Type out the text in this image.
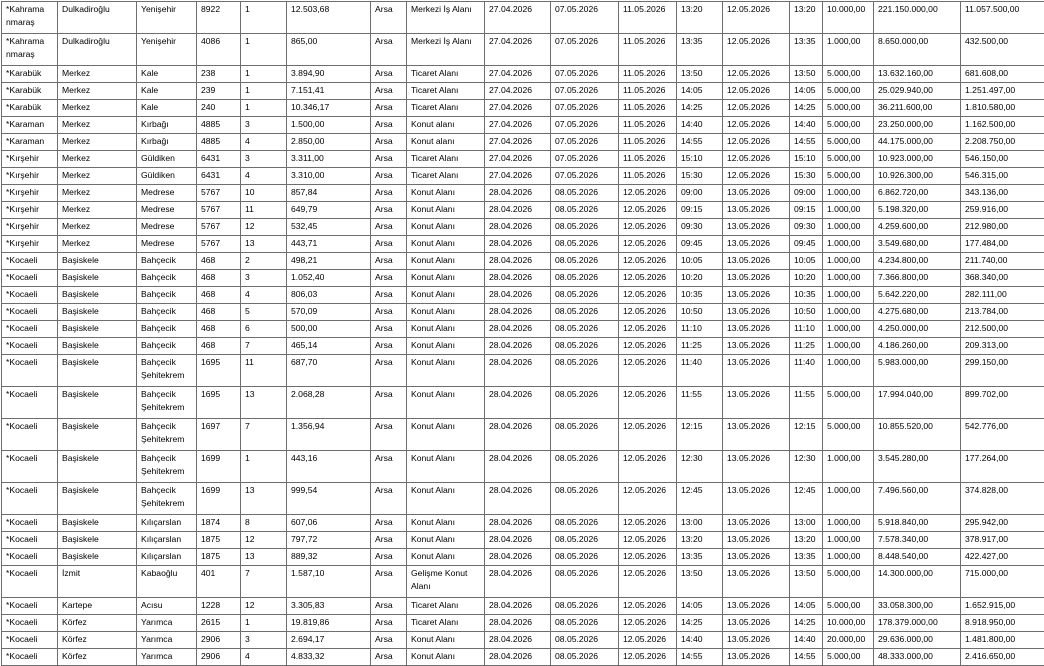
*Kahrama nmaraş	Dulkadiroğlu	Yenişehir	8922	1	12.503,68	Arsa	Merkezi İş Alanı	27.04.2026	07.05.2026	11.05.2026	13:20	12.05.2026	13:20	10.000,00	221.150.000,00	11.057.500,00
*Kahrama nmaraş	Dulkadiroğlu	Yenişehir	4086	1	865,00	Arsa	Merkezi İş Alanı	27.04.2026	07.05.2026	11.05.2026	13:35	12.05.2026	13:35	1.000,00	8.650.000,00	432.500,00
*Karabük	Merkez	Kale	238	1	3.894,90	Arsa	Ticaret Alanı	27.04.2026	07.05.2026	11.05.2026	13:50	12.05.2026	13:50	5.000,00	13.632.160,00	681.608,00
*Karabük	Merkez	Kale	239	1	7.151,41	Arsa	Ticaret Alanı	27.04.2026	07.05.2026	11.05.2026	14:05	12.05.2026	14:05	5.000,00	25.029.940,00	1.251.497,00
*Karabük	Merkez	Kale	240	1	10.346,17	Arsa	Ticaret Alanı	27.04.2026	07.05.2026	11.05.2026	14:25	12.05.2026	14:25	5.000,00	36.211.600,00	1.810.580,00
*Karaman	Merkez	Kırbağı	4885	3	1.500,00	Arsa	Konut alanı	27.04.2026	07.05.2026	11.05.2026	14:40	12.05.2026	14:40	5.000,00	23.250.000,00	1.162.500,00
*Karaman	Merkez	Kırbağı	4885	4	2.850,00	Arsa	Konut alanı	27.04.2026	07.05.2026	11.05.2026	14:55	12.05.2026	14:55	5.000,00	44.175.000,00	2.208.750,00
*Kırşehir	Merkez	Güldiken	6431	3	3.311,00	Arsa	Ticaret Alanı	27.04.2026	07.05.2026	11.05.2026	15:10	12.05.2026	15:10	5.000,00	10.923.000,00	546.150,00
*Kırşehir	Merkez	Güldiken	6431	4	3.310,00	Arsa	Ticaret Alanı	27.04.2026	07.05.2026	11.05.2026	15:30	12.05.2026	15:30	5.000,00	10.926.300,00	546.315,00
*Kırşehir	Merkez	Medrese	5767	10	857,84	Arsa	Konut Alanı	28.04.2026	08.05.2026	12.05.2026	09:00	13.05.2026	09:00	1.000,00	6.862.720,00	343.136,00
*Kırşehir	Merkez	Medrese	5767	11	649,79	Arsa	Konut Alanı	28.04.2026	08.05.2026	12.05.2026	09:15	13.05.2026	09:15	1.000,00	5.198.320,00	259.916,00
*Kırşehir	Merkez	Medrese	5767	12	532,45	Arsa	Konut Alanı	28.04.2026	08.05.2026	12.05.2026	09:30	13.05.2026	09:30	1.000,00	4.259.600,00	212.980,00
*Kırşehir	Merkez	Medrese	5767	13	443,71	Arsa	Konut Alanı	28.04.2026	08.05.2026	12.05.2026	09:45	13.05.2026	09:45	1.000,00	3.549.680,00	177.484,00
*Kocaeli	Başiskele	Bahçecik	468	2	498,21	Arsa	Konut Alanı	28.04.2026	08.05.2026	12.05.2026	10:05	13.05.2026	10:05	1.000,00	4.234.800,00	211.740,00
*Kocaeli	Başiskele	Bahçecik	468	3	1.052,40	Arsa	Konut Alanı	28.04.2026	08.05.2026	12.05.2026	10:20	13.05.2026	10:20	1.000,00	7.366.800,00	368.340,00
*Kocaeli	Başiskele	Bahçecik	468	4	806,03	Arsa	Konut Alanı	28.04.2026	08.05.2026	12.05.2026	10:35	13.05.2026	10:35	1.000,00	5.642.220,00	282.111,00
*Kocaeli	Başiskele	Bahçecik	468	5	570,09	Arsa	Konut Alanı	28.04.2026	08.05.2026	12.05.2026	10:50	13.05.2026	10:50	1.000,00	4.275.680,00	213.784,00
*Kocaeli	Başiskele	Bahçecik	468	6	500,00	Arsa	Konut Alanı	28.04.2026	08.05.2026	12.05.2026	11:10	13.05.2026	11:10	1.000,00	4.250.000,00	212.500,00
*Kocaeli	Başiskele	Bahçecik	468	7	465,14	Arsa	Konut Alanı	28.04.2026	08.05.2026	12.05.2026	11:25	13.05.2026	11:25	1.000,00	4.186.260,00	209.313,00
*Kocaeli	Başiskele	Bahçecik Şehitekrem	1695	11	687,70	Arsa	Konut Alanı	28.04.2026	08.05.2026	12.05.2026	11:40	13.05.2026	11:40	1.000,00	5.983.000,00	299.150,00
*Kocaeli	Başiskele	Bahçecik Şehitekrem	1695	13	2.068,28	Arsa	Konut Alanı	28.04.2026	08.05.2026	12.05.2026	11:55	13.05.2026	11:55	5.000,00	17.994.040,00	899.702,00
*Kocaeli	Başiskele	Bahçecik Şehitekrem	1697	7	1.356,94	Arsa	Konut Alanı	28.04.2026	08.05.2026	12.05.2026	12:15	13.05.2026	12:15	5.000,00	10.855.520,00	542.776,00
*Kocaeli	Başiskele	Bahçecik Şehitekrem	1699	1	443,16	Arsa	Konut Alanı	28.04.2026	08.05.2026	12.05.2026	12:30	13.05.2026	12:30	1.000,00	3.545.280,00	177.264,00
*Kocaeli	Başiskele	Bahçecik Şehitekrem	1699	13	999,54	Arsa	Konut Alanı	28.04.2026	08.05.2026	12.05.2026	12:45	13.05.2026	12:45	1.000,00	7.496.560,00	374.828,00
*Kocaeli	Başiskele	Kılıçarslan	1874	8	607,06	Arsa	Konut Alanı	28.04.2026	08.05.2026	12.05.2026	13:00	13.05.2026	13:00	1.000,00	5.918.840,00	295.942,00
*Kocaeli	Başiskele	Kılıçarslan	1875	12	797,72	Arsa	Konut Alanı	28.04.2026	08.05.2026	12.05.2026	13:20	13.05.2026	13:20	1.000,00	7.578.340,00	378.917,00
*Kocaeli	Başiskele	Kılıçarslan	1875	13	889,32	Arsa	Konut Alanı	28.04.2026	08.05.2026	12.05.2026	13:35	13.05.2026	13:35	1.000,00	8.448.540,00	422.427,00
*Kocaeli	İzmit	Kabaoğlu	401	7	1.587,10	Arsa	Gelişme Konut Alanı	28.04.2026	08.05.2026	12.05.2026	13:50	13.05.2026	13:50	5.000,00	14.300.000,00	715.000,00
*Kocaeli	Kartepe	Acısu	1228	12	3.305,83	Arsa	Ticaret Alanı	28.04.2026	08.05.2026	12.05.2026	14:05	13.05.2026	14:05	5.000,00	33.058.300,00	1.652.915,00
*Kocaeli	Körfez	Yarımca	2615	1	19.819,86	Arsa	Ticaret Alanı	28.04.2026	08.05.2026	12.05.2026	14:25	13.05.2026	14:25	10.000,00	178.379.000,00	8.918.950,00
*Kocaeli	Körfez	Yarımca	2906	3	2.694,17	Arsa	Konut Alanı	28.04.2026	08.05.2026	12.05.2026	14:40	13.05.2026	14:40	20.000,00	29.636.000,00	1.481.800,00
*Kocaeli	Körfez	Yarımca	2906	4	4.833,32	Arsa	Konut Alanı	28.04.2026	08.05.2026	12.05.2026	14:55	13.05.2026	14:55	5.000,00	48.333.000,00	2.416.650,00
